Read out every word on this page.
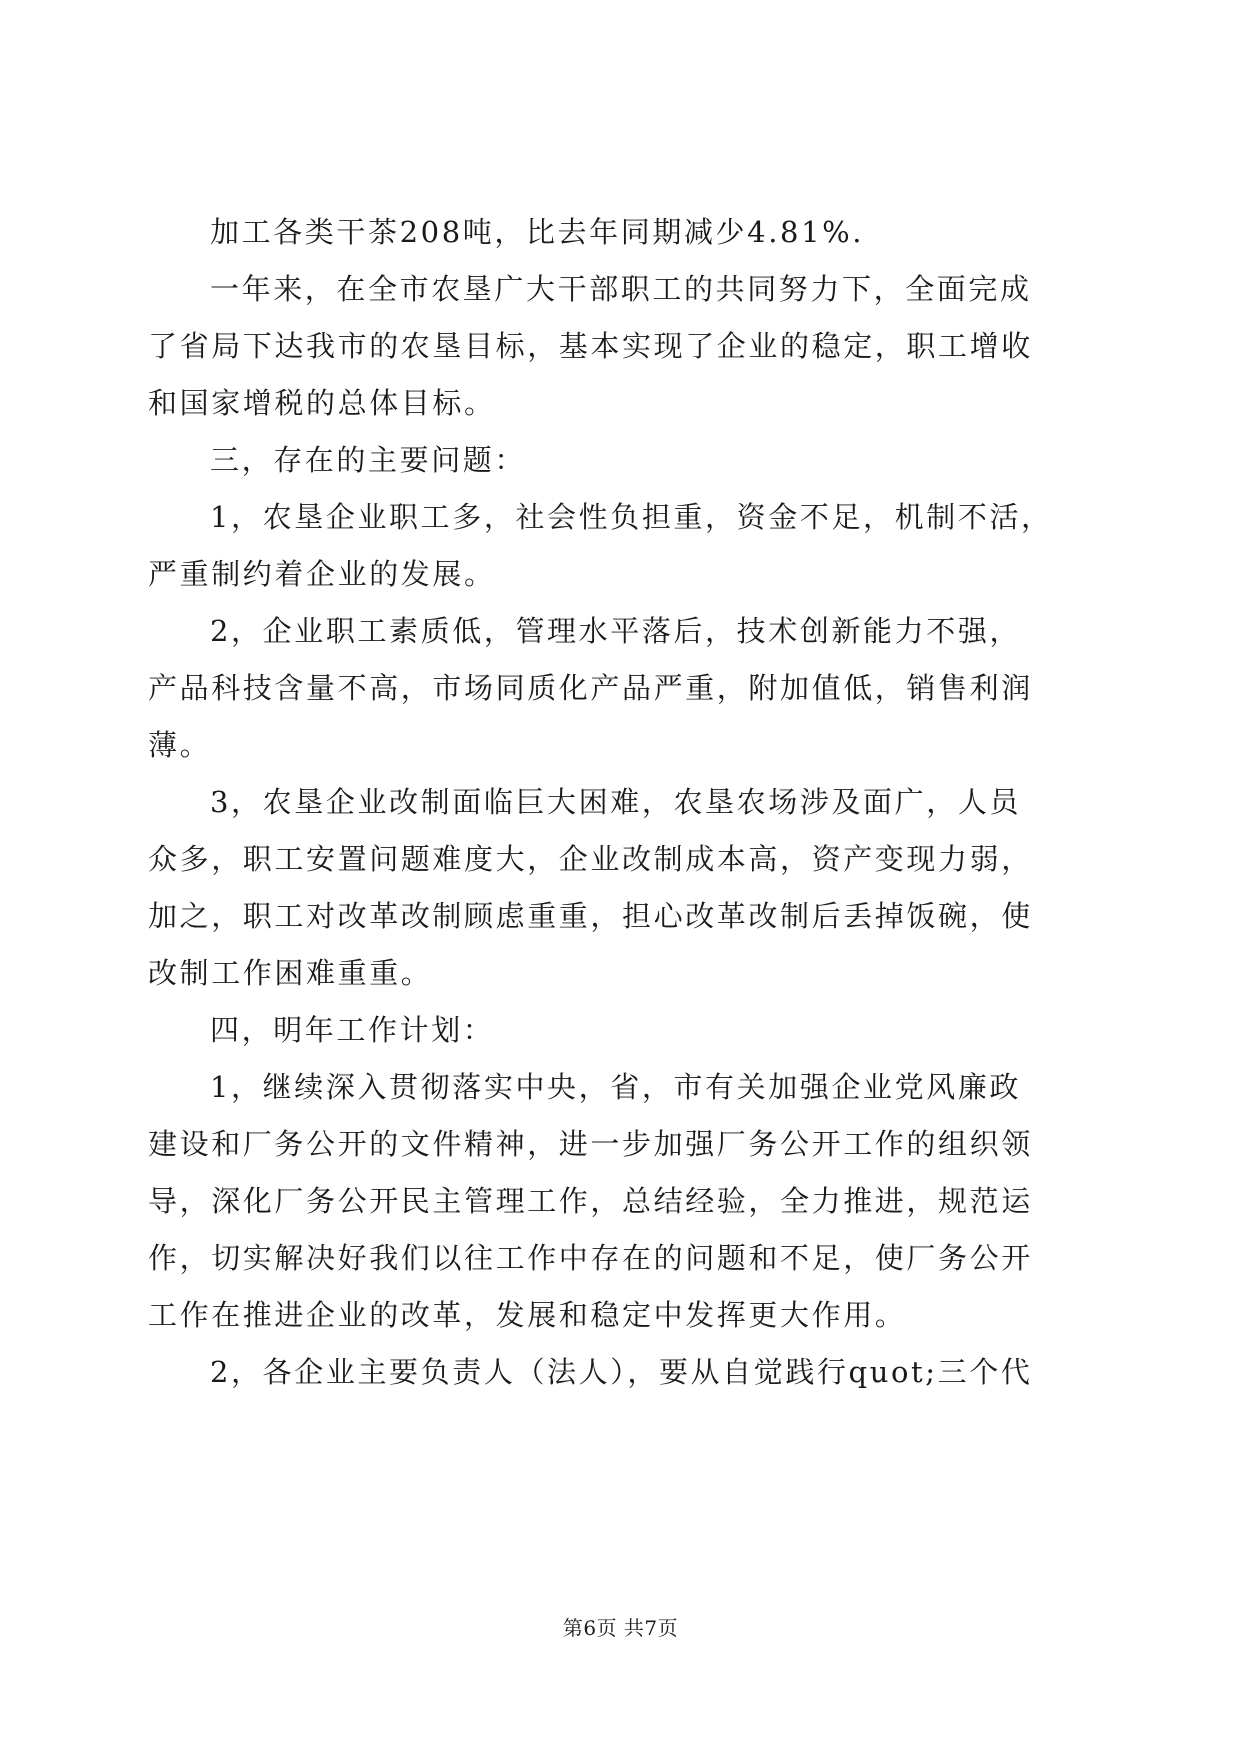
加工各类干茶208吨，比去年同期减少4.81%.
一年来，在全市农垦广大干部职工的共同努力下，全面完成
了省局下达我市的农垦目标，基本实现了企业的稳定，职工增收
和国家增税的总体目标。
三，存在的主要问题：
1，农垦企业职工多，社会性负担重，资金不足，机制不活，
严重制约着企业的发展。
2，企业职工素质低，管理水平落后，技术创新能力不强，
产品科技含量不高，市场同质化产品严重，附加值低，销售利润
薄。
3，农垦企业改制面临巨大困难，农垦农场涉及面广，人员
众多，职工安置问题难度大，企业改制成本高，资产变现力弱，
加之，职工对改革改制顾虑重重，担心改革改制后丢掉饭碗，使
改制工作困难重重。
四，明年工作计划：
1，继续深入贯彻落实中央，省，市有关加强企业党风廉政
建设和厂务公开的文件精神，进一步加强厂务公开工作的组织领
导，深化厂务公开民主管理工作，总结经验，全力推进，规范运
作，切实解决好我们以往工作中存在的问题和不足，使厂务公开
工作在推进企业的改革，发展和稳定中发挥更大作用。
2，各企业主要负责人（法人），要从自觉践行quot;三个代
第6页 共7页
